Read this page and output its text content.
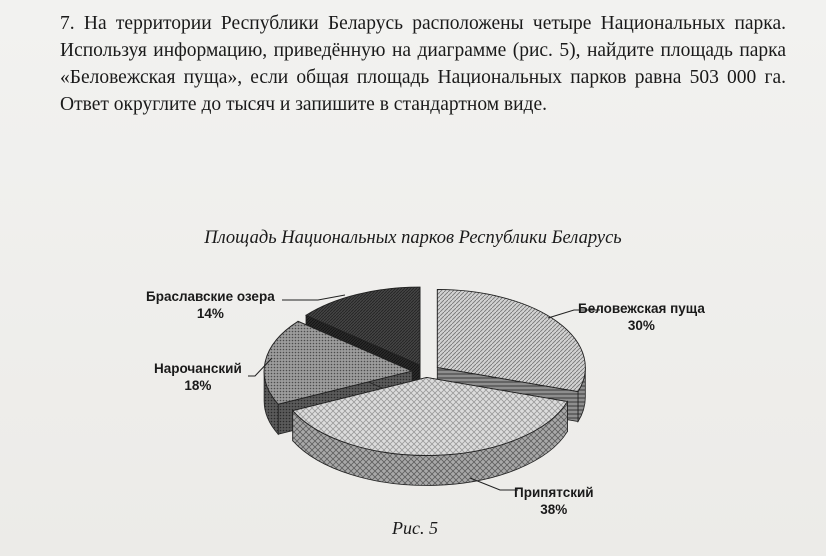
7. На территории Республики Беларусь расположены четыре Национальных парка. Используя информацию, приведённую на диаграмме (рис. 5), найдите площадь парка «Беловежская пуща», если общая площадь Национальных парков равна 503 000 га. Ответ округлите до тысяч и запишите в стандартном виде.
Площадь Национальных парков Республики Беларусь
Беловежская пуща
30%
Припятский
38%
Нарочанский
18%
Браславские озера
14%
Рис. 5
